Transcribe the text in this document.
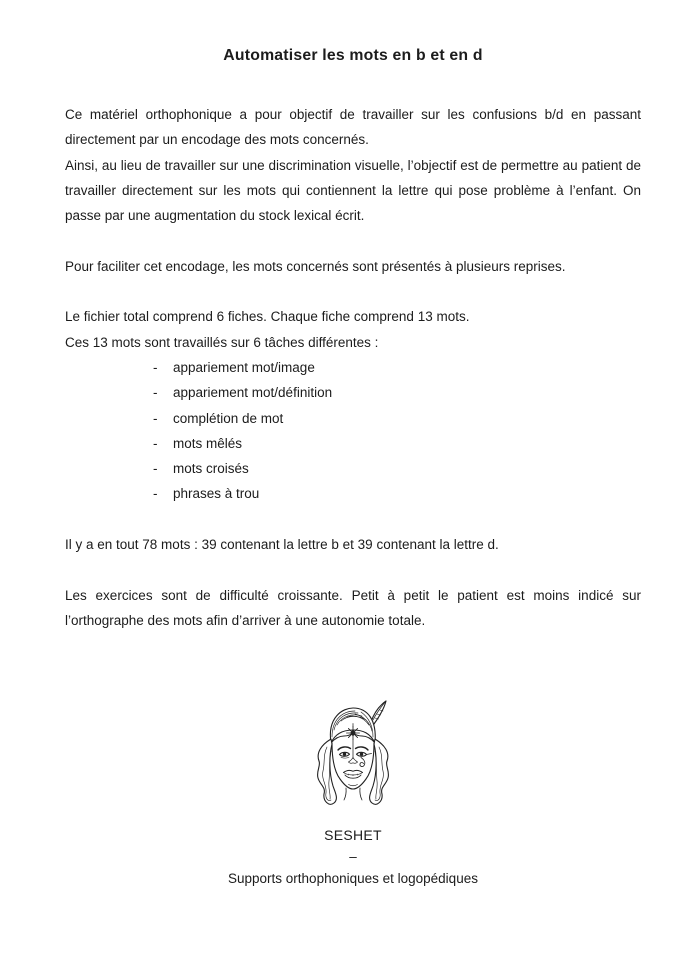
Automatiser les mots en b et en d

Ce matériel orthophonique a pour objectif de travailler sur les confusions b/d en passant directement par un encodage des mots concernés.

Ainsi, au lieu de travailler sur une discrimination visuelle, l’objectif est de permettre au patient de travailler directement sur les mots qui contiennent la lettre qui pose problème à l’enfant. On passe par une augmentation du stock lexical écrit.

Pour faciliter cet encodage, les mots concernés sont présentés à plusieurs reprises.

Le fichier total comprend 6 fiches. Chaque fiche comprend 13 mots.

Ces 13 mots sont travaillés sur 6 tâches différentes :

-	appariement mot/image
-	appariement mot/définition
-	complétion de mot
-	mots mêlés
-	mots croisés
-	phrases à trou

Il y a en tout 78 mots : 39 contenant la lettre b et 39 contenant la lettre d.

Les exercices sont de difficulté croissante. Petit à petit le patient est moins indicé sur l’orthographe des mots afin d’arriver à une autonomie totale.

SESHET
–
Supports orthophoniques et logopédiques
